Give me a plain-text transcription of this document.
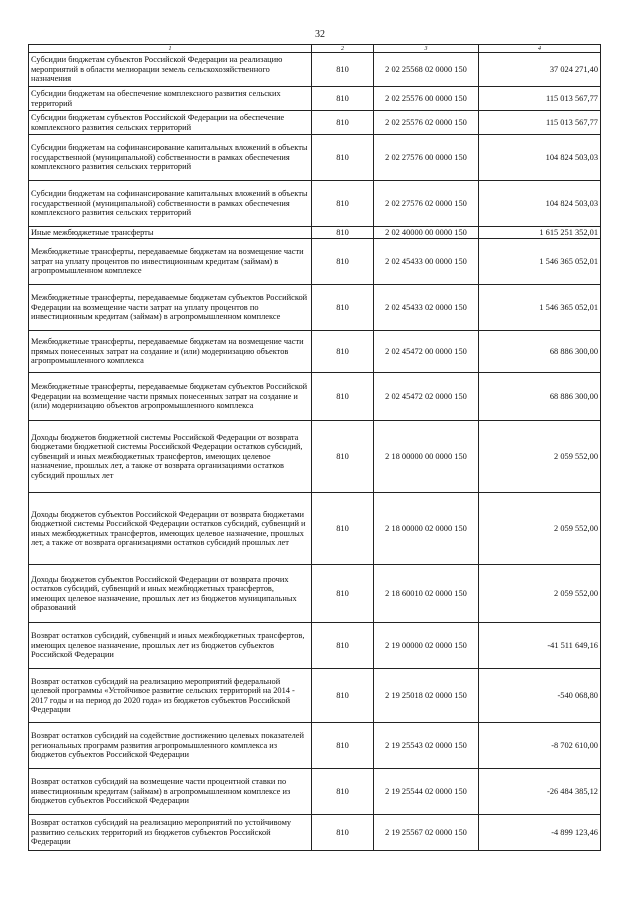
32
1	2	3	4
Субсидии бюджетам субъектов Российской Федерации на реализацию мероприятий в области мелиорации земель сельскохозяйственного назначения	810	2 02 25568 02 0000 150	37 024 271,40
Субсидии бюджетам на обеспечение комплексного развития сельских территорий	810	2 02 25576 00 0000 150	115 013 567,77
Субсидии бюджетам субъектов Российской Федерации на обеспечение комплексного развития сельских территорий	810	2 02 25576 02 0000 150	115 013 567,77
Субсидии бюджетам на софинансирование капитальных вложений в объекты государственной (муниципальной) собственности в рамках обеспечения комплексного развития сельских территорий	810	2 02 27576 00 0000 150	104 824 503,03
Субсидии бюджетам на софинансирование капитальных вложений в объекты государственной (муниципальной) собственности в рамках обеспечения комплексного развития сельских территорий	810	2 02 27576 02 0000 150	104 824 503,03
Иные межбюджетные трансферты	810	2 02 40000 00 0000 150	1 615 251 352,01
Межбюджетные трансферты, передаваемые бюджетам на возмещение части затрат на уплату процентов по инвестиционным кредитам (займам) в агропромышленном комплексе	810	2 02 45433 00 0000 150	1 546 365 052,01
Межбюджетные трансферты, передаваемые бюджетам субъектов Российской Федерации на возмещение части затрат на уплату процентов по инвестиционным кредитам (займам) в агропромышленном комплексе	810	2 02 45433 02 0000 150	1 546 365 052,01
Межбюджетные трансферты, передаваемые бюджетам на возмещение части прямых понесенных затрат на создание и (или) модернизацию объектов агропромышленного комплекса	810	2 02 45472 00 0000 150	68 886 300,00
Межбюджетные трансферты, передаваемые бюджетам субъектов Российской Федерации на возмещение части прямых понесенных затрат на создание и (или) модернизацию объектов агропромышленного комплекса	810	2 02 45472 02 0000 150	68 886 300,00
Доходы бюджетов бюджетной системы Российской Федерации от возврата бюджетами бюджетной системы Российской Федерации остатков субсидий, субвенций и иных межбюджетных трансфертов, имеющих целевое назначение, прошлых лет, а также от возврата организациями остатков субсидий прошлых лет	810	2 18 00000 00 0000 150	2 059 552,00
Доходы бюджетов субъектов Российской Федерации от возврата бюджетами бюджетной системы Российской Федерации остатков субсидий, субвенций и иных межбюджетных трансфертов, имеющих целевое назначение, прошлых лет, а также от возврата организациями остатков субсидий прошлых лет	810	2 18 00000 02 0000 150	2 059 552,00
Доходы бюджетов субъектов Российской Федерации от возврата прочих остатков субсидий, субвенций и иных межбюджетных трансфертов, имеющих целевое назначение, прошлых лет из бюджетов муниципальных образований	810	2 18 60010 02 0000 150	2 059 552,00
Возврат остатков субсидий, субвенций и иных межбюджетных трансфертов, имеющих целевое назначение, прошлых лет из бюджетов субъектов Российской Федерации	810	2 19 00000 02 0000 150	-41 511 649,16
Возврат остатков субсидий на реализацию мероприятий федеральной целевой программы «Устойчивое развитие сельских территорий на 2014 - 2017 годы и на период до 2020 года» из бюджетов субъектов Российской Федерации	810	2 19 25018 02 0000 150	-540 068,80
Возврат остатков субсидий на содействие достижению целевых показателей региональных программ развития агропромышленного комплекса из бюджетов субъектов Российской Федерации	810	2 19 25543 02 0000 150	-8 702 610,00
Возврат остатков субсидий на возмещение части процентной ставки по инвестиционным кредитам (займам) в агропромышленном комплексе из бюджетов субъектов Российской Федерации	810	2 19 25544 02 0000 150	-26 484 385,12
Возврат остатков субсидий на реализацию мероприятий по устойчивому развитию сельских территорий из бюджетов субъектов Российской Федерации	810	2 19 25567 02 0000 150	-4 899 123,46
